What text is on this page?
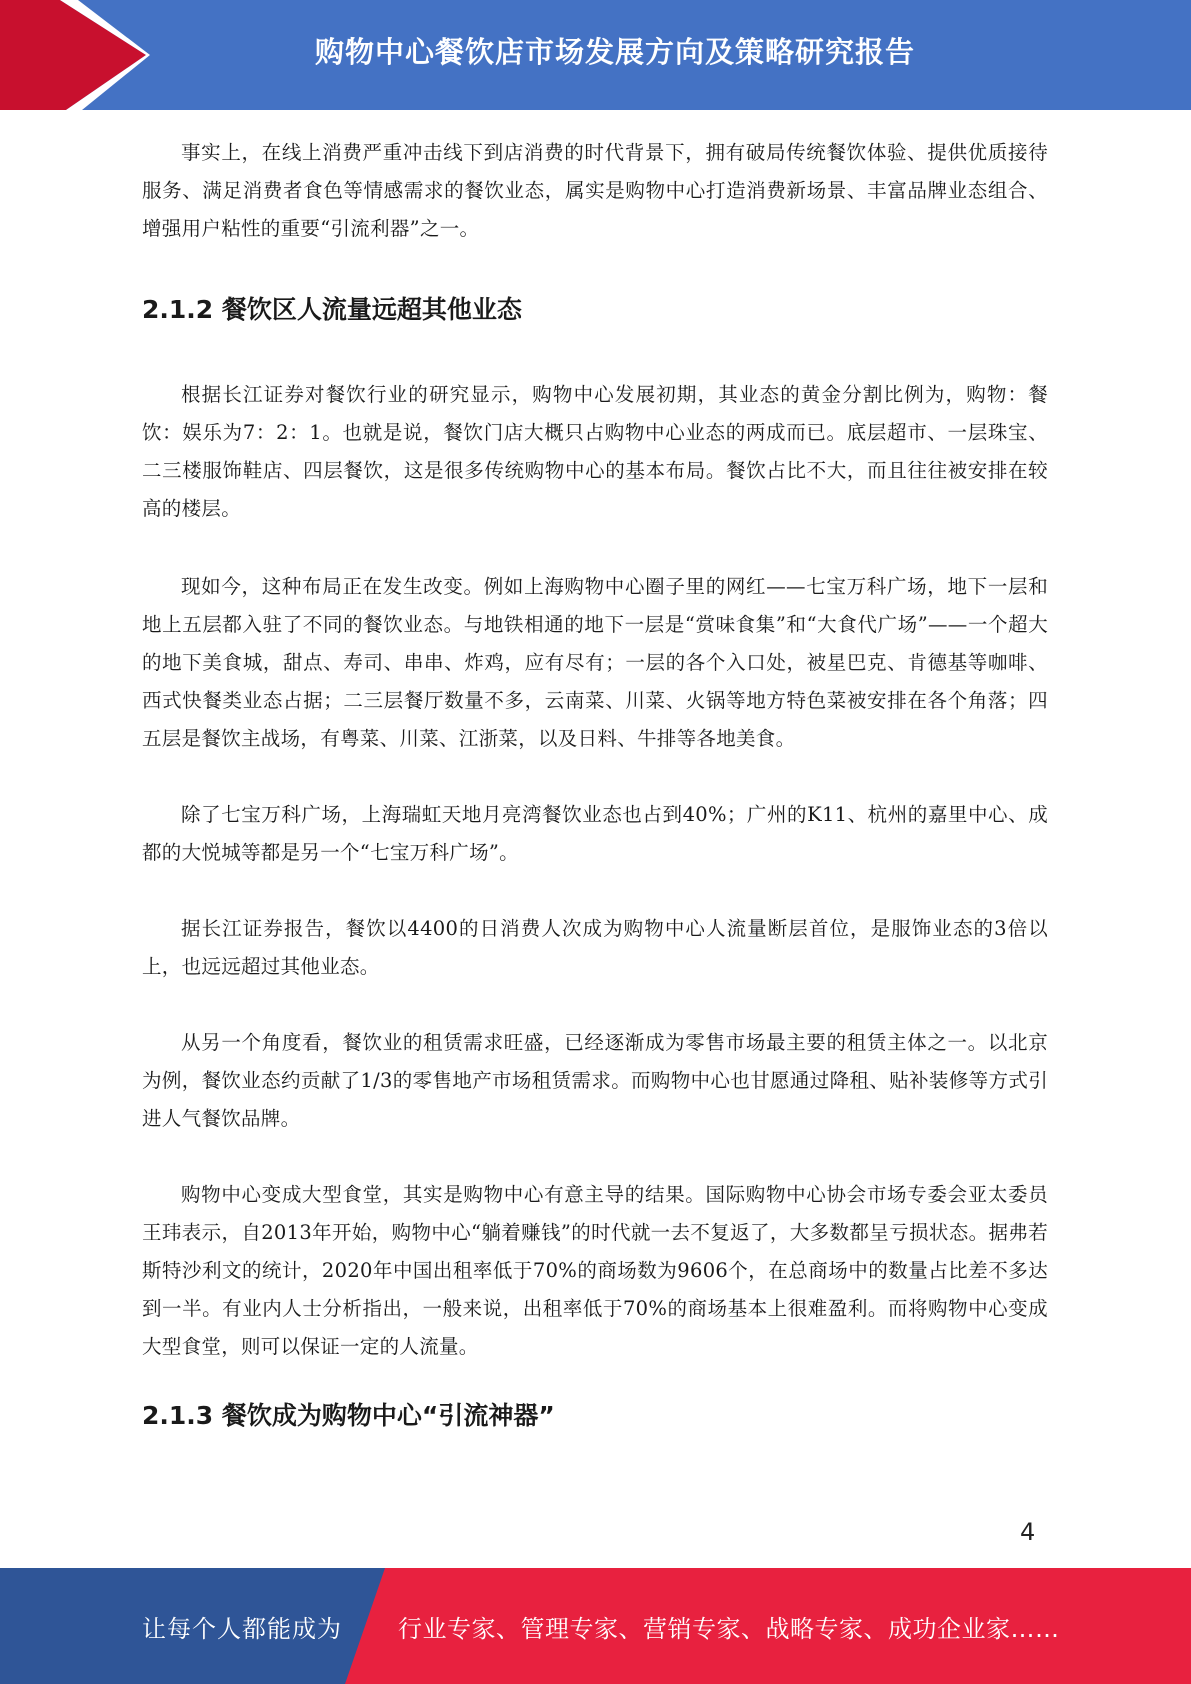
购物中心餐饮店市场发展方向及策略研究报告

事实上，在线上消费严重冲击线下到店消费的时代背景下，拥有破局传统餐饮体验、提供优质接待服务、满足消费者食色等情感需求的餐饮业态，属实是购物中心打造消费新场景、丰富品牌业态组合、增强用户粘性的重要“引流利器”之一。

2.1.2 餐饮区人流量远超其他业态

根据长江证券对餐饮行业的研究显示，购物中心发展初期，其业态的黄金分割比例为，购物：餐饮：娱乐为7：2：1。也就是说，餐饮门店大概只占购物中心业态的两成而已。底层超市、一层珠宝、二三楼服饰鞋店、四层餐饮，这是很多传统购物中心的基本布局。餐饮占比不大，而且往往被安排在较高的楼层。

现如今，这种布局正在发生改变。例如上海购物中心圈子里的网红——七宝万科广场，地下一层和地上五层都入驻了不同的餐饮业态。与地铁相通的地下一层是“赏味食集”和“大食代广场”——一个超大的地下美食城，甜点、寿司、串串、炸鸡，应有尽有；一层的各个入口处，被星巴克、肯德基等咖啡、西式快餐类业态占据；二三层餐厅数量不多，云南菜、川菜、火锅等地方特色菜被安排在各个角落；四五层是餐饮主战场，有粤菜、川菜、江浙菜，以及日料、牛排等各地美食。

除了七宝万科广场，上海瑞虹天地月亮湾餐饮业态也占到40%；广州的K11、杭州的嘉里中心、成都的大悦城等都是另一个“七宝万科广场”。

据长江证券报告，餐饮以4400的日消费人次成为购物中心人流量断层首位，是服饰业态的3倍以上，也远远超过其他业态。

从另一个角度看，餐饮业的租赁需求旺盛，已经逐渐成为零售市场最主要的租赁主体之一。以北京为例，餐饮业态约贡献了1/3的零售地产市场租赁需求。而购物中心也甘愿通过降租、贴补装修等方式引进人气餐饮品牌。

购物中心变成大型食堂，其实是购物中心有意主导的结果。国际购物中心协会市场专委会亚太委员王玮表示，自2013年开始，购物中心“躺着赚钱”的时代就一去不复返了，大多数都呈亏损状态。据弗若斯特沙利文的统计，2020年中国出租率低于70%的商场数为9606个，在总商场中的数量占比差不多达到一半。有业内人士分析指出，一般来说，出租率低于70%的商场基本上很难盈利。而将购物中心变成大型食堂，则可以保证一定的人流量。

2.1.3 餐饮成为购物中心“引流神器”
4
让每个人都能成为 行业专家、管理专家、营销专家、战略专家、成功企业家……
